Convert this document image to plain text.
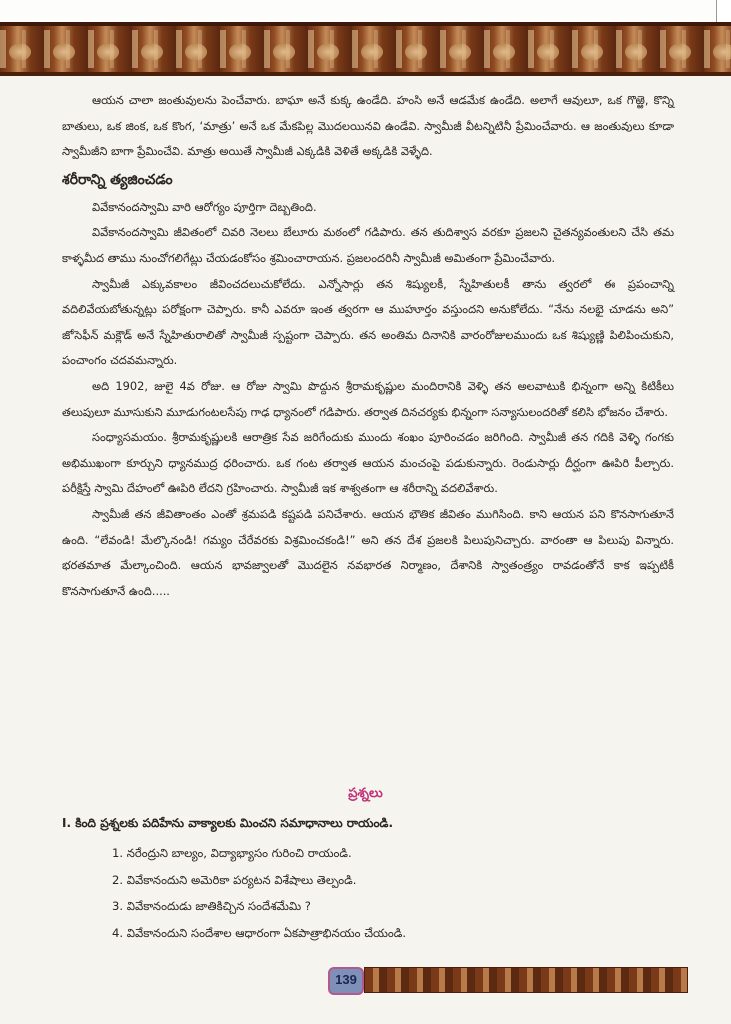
ఆయన చాలా జంతువులను పెంచేవారు. బాఘా అనే కుక్క ఉండేది. హంసి అనే ఆడమేక ఉండేది. అలాగే ఆవులూ, ఒక గొఱ్ఱె, కొన్ని బాతులు, ఒక జింక, ఒక కొంగ, ‘మాత్రు’ అనే ఒక మేకపిల్ల మొదలయినవి ఉండేవి. స్వామీజీ వీటన్నిటినీ ప్రేమించేవారు. ఆ జంతువులు కూడా స్వామీజీని బాగా ప్రేమించేవి. మాత్రు అయితే స్వామీజీ ఎక్కడికి వెళితే అక్కడికి వెళ్ళేది.

శరీరాన్ని త్యజించడం

వివేకానందస్వామి వారి ఆరోగ్యం పూర్తిగా దెబ్బతింది.

వివేకానందస్వామి జీవితంలో చివరి నెలలు బేలూరు మఠంలో గడిపారు. తన తుదిశ్వాస వరకూ ప్రజలని చైతన్యవంతులని చేసి తమ కాళ్ళమీద తాము నుంచోగలిగేట్లు చేయడంకోసం శ్రమించారాయన. ప్రజలందరినీ స్వామీజీ అమితంగా ప్రేమించేవారు.

స్వామీజీ ఎక్కువకాలం జీవించదలుచుకోలేదు. ఎన్నోసార్లు తన శిష్యులకీ, స్నేహితులకీ తాను త్వరలో ఈ ప్రపంచాన్ని వదిలివేయబోతున్నట్లు పరోక్షంగా చెప్పారు. కానీ ఎవరూ ఇంత త్వరగా ఆ ముహూర్తం వస్తుందని అనుకోలేదు. “నేను నలభై చూడను అని” జోసెఫీన్ మక్లౌడ్ అనే స్నేహితురాలితో స్వామీజీ స్పష్టంగా చెప్పారు. తన అంతిమ దినానికి వారంరోజులముందు ఒక శిష్యుణ్ణి పిలిపించుకుని, పంచాంగం చదవమన్నారు.

అది 1902, జులై 4వ రోజు. ఆ రోజు స్వామి పొద్దున శ్రీరామకృష్ణుల మందిరానికి వెళ్ళి తన అలవాటుకి భిన్నంగా అన్ని కిటికీలు తలుపులూ మూసుకుని మూడుగంటలసేపు గాఢ ధ్యానంలో గడిపారు. తర్వాత దినచర్యకు భిన్నంగా సన్యాసులందరితో కలిసి భోజనం చేశారు.

సంధ్యాసమయం. శ్రీరామకృష్ణులకి ఆరాత్రిక సేవ జరిగేందుకు ముందు శంఖం పూరించడం జరిగింది. స్వామీజీ తన గదికి వెళ్ళి గంగకు అభిముఖంగా కూర్చుని ధ్యానముద్ర ధరించారు. ఒక గంట తర్వాత ఆయన మంచంపై పడుకున్నారు. రెండుసార్లు దీర్ఘంగా ఊపిరి పీల్చారు. పరీక్షిస్తే స్వామి దేహంలో ఊపిరి లేదని గ్రహించారు. స్వామీజీ ఇక శాశ్వతంగా ఆ శరీరాన్ని వదలివేశారు.

స్వామీజీ తన జీవితాంతం ఎంతో శ్రమపడి కష్టపడి పనిచేశారు. ఆయన భౌతిక జీవితం ముగిసింది. కాని ఆయన పని కొనసాగుతూనే ఉంది. “లేవండి! మేల్కొనండి! గమ్యం చేరేవరకు విశ్రమించకండి!” అని తన దేశ ప్రజలకి పిలుపునిచ్చారు. వారంతా ఆ పిలుపు విన్నారు. భరతమాత మేల్కాంచింది. ఆయన భావజ్వాలతో మొదలైన నవభారత నిర్మాణం, దేశానికి స్వాతంత్ర్యం రావడంతోనే కాక ఇప్పటికీ కొనసాగుతూనే ఉంది.....

ప్రశ్నలు
I. కింది ప్రశ్నలకు పదిహేను వాక్యాలకు మించని సమాధానాలు రాయండి.
1. నరేంద్రుని బాల్యం, విద్యాభ్యాసం గురించి రాయండి.
2. వివేకానందుని అమెరికా పర్యటన విశేషాలు తెల్పండి.
3. వివేకానందుడు జాతికిచ్చిన సందేశమేమి ?
4. వివేకానందుని సందేశాల ఆధారంగా ఏకపాత్రాభినయం చేయండి.
139
